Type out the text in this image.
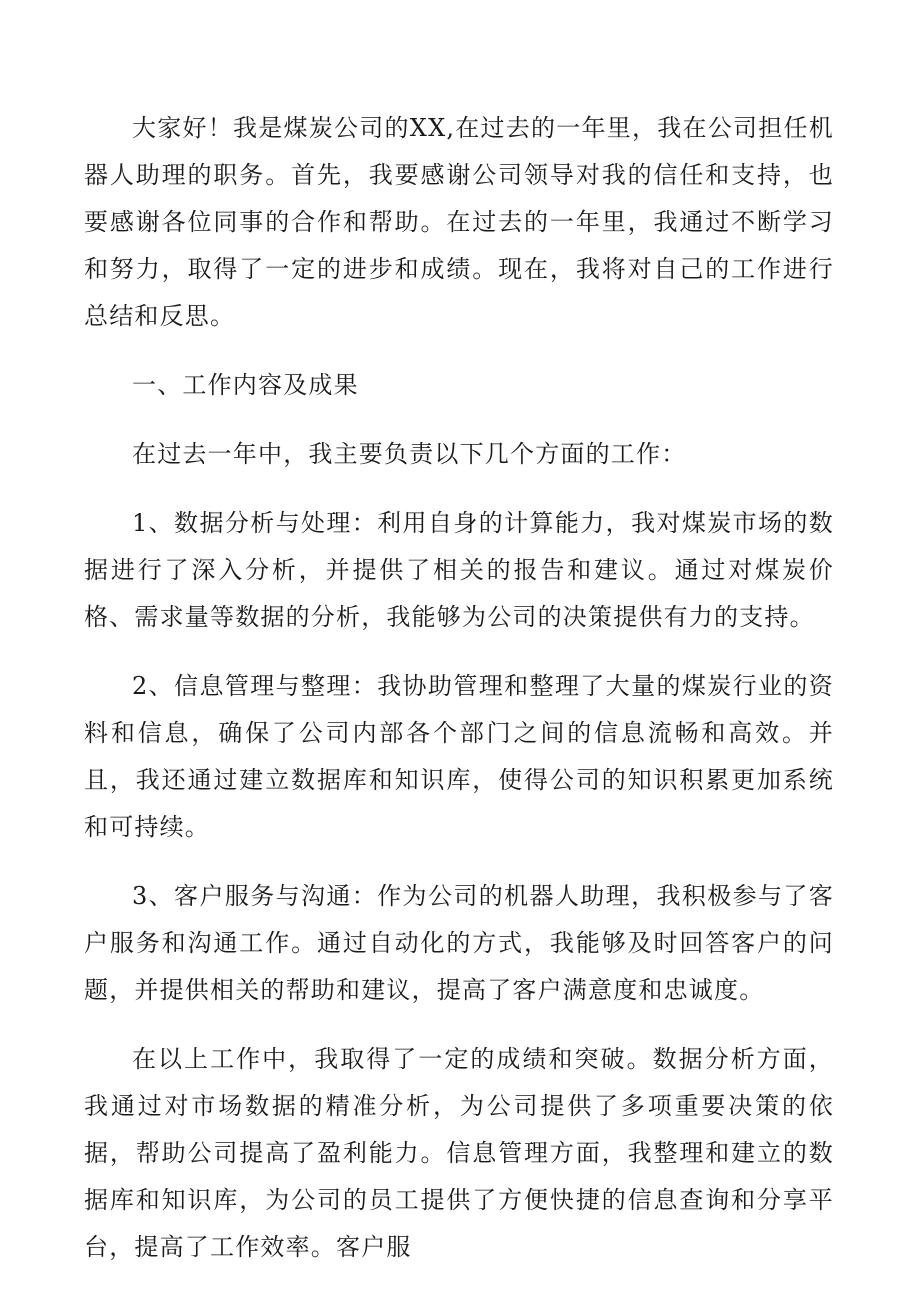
大家好！我是煤炭公司的XX,在过去的一年里，我在公司担任机器人助理的职务。首先，我要感谢公司领导对我的信任和支持，也要感谢各位同事的合作和帮助。在过去的一年里，我通过不断学习和努力，取得了一定的进步和成绩。现在，我将对自己的工作进行总结和反思。

一、工作内容及成果

在过去一年中，我主要负责以下几个方面的工作：

1、数据分析与处理：利用自身的计算能力，我对煤炭市场的数据进行了深入分析，并提供了相关的报告和建议。通过对煤炭价格、需求量等数据的分析，我能够为公司的决策提供有力的支持。

2、信息管理与整理：我协助管理和整理了大量的煤炭行业的资料和信息，确保了公司内部各个部门之间的信息流畅和高效。并且，我还通过建立数据库和知识库，使得公司的知识积累更加系统和可持续。

3、客户服务与沟通：作为公司的机器人助理，我积极参与了客户服务和沟通工作。通过自动化的方式，我能够及时回答客户的问题，并提供相关的帮助和建议，提高了客户满意度和忠诚度。

在以上工作中，我取得了一定的成绩和突破。数据分析方面，我通过对市场数据的精准分析，为公司提供了多项重要决策的依据，帮助公司提高了盈利能力。信息管理方面，我整理和建立的数据库和知识库，为公司的员工提供了方便快捷的信息查询和分享平台，提高了工作效率。客户服
